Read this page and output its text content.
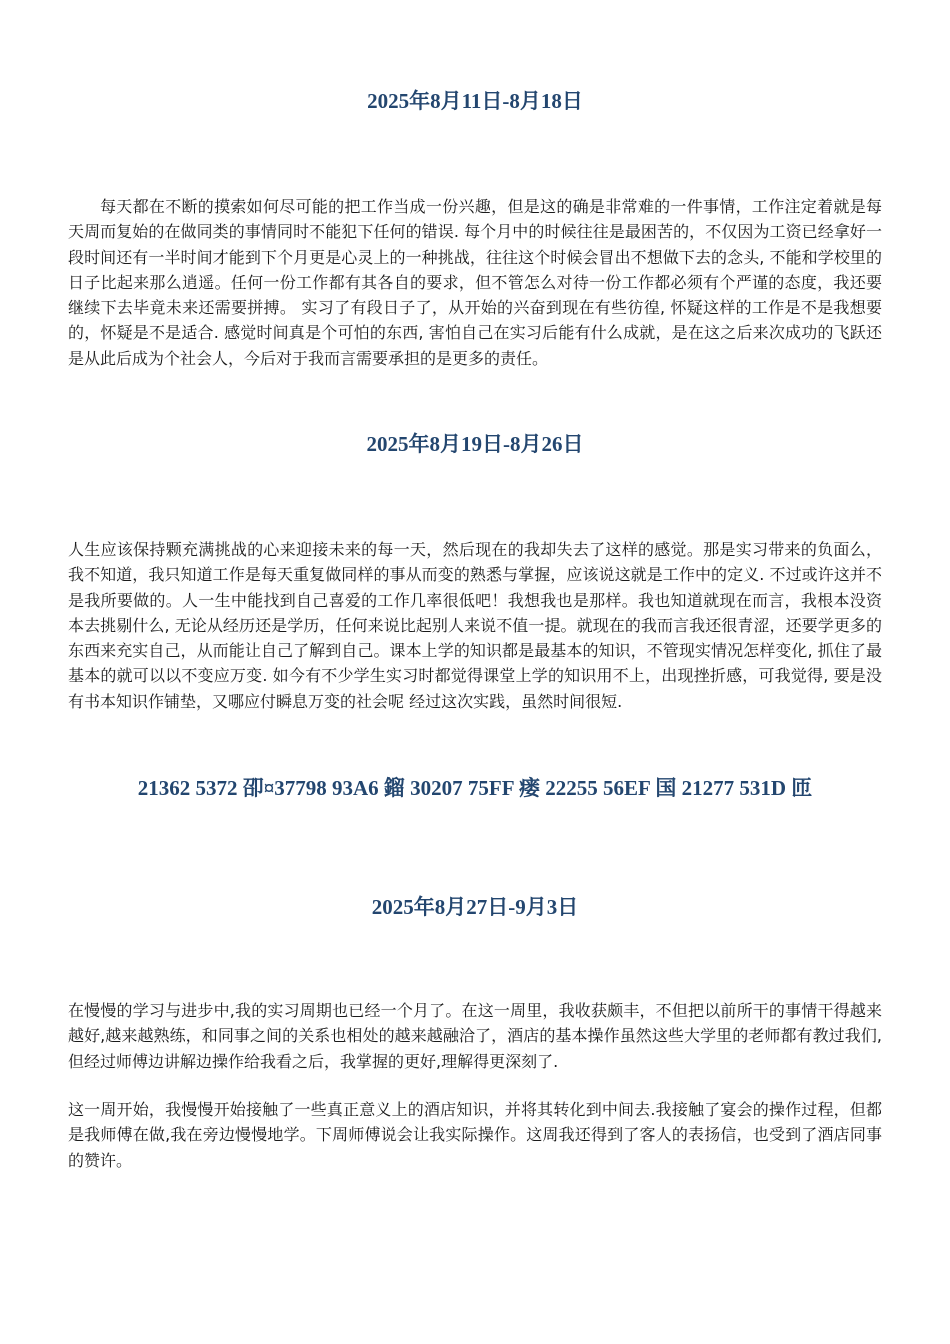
2025年8月11日-8月18日

每天都在不断的摸索如何尽可能的把工作当成一份兴趣，但是这的确是非常难的一件事情，工作注定着就是每天周而复始的在做同类的事情同时不能犯下任何的错误. 每个月中的时候往往是最困苦的，不仅因为工资已经拿好一段时间还有一半时间才能到下个月更是心灵上的一种挑战，往往这个时候会冒出不想做下去的念头, 不能和学校里的日子比起来那么逍遥。任何一份工作都有其各自的要求，但不管怎么对待一份工作都必须有个严谨的态度，我还要继续下去毕竟未来还需要拼搏。 实习了有段日子了，从开始的兴奋到现在有些彷徨, 怀疑这样的工作是不是我想要的，怀疑是不是适合. 感觉时间真是个可怕的东西, 害怕自己在实习后能有什么成就，是在这之后来次成功的飞跃还是从此后成为个社会人，今后对于我而言需要承担的是更多的责任。

2025年8月19日-8月26日

人生应该保持颗充满挑战的心来迎接未来的每一天，然后现在的我却失去了这样的感觉。那是实习带来的负面么，我不知道，我只知道工作是每天重复做同样的事从而变的熟悉与掌握，应该说这就是工作中的定义. 不过或许这并不是我所要做的。人一生中能找到自己喜爱的工作几率很低吧！我想我也是那样。我也知道就现在而言，我根本没资本去挑剔什么, 无论从经历还是学历，任何来说比起别人来说不值一提。就现在的我而言我还很青涩，还要学更多的东西来充实自己，从而能让自己了解到自己。课本上学的知识都是最基本的知识，不管现实情况怎样变化, 抓住了最基本的就可以以不变应万变. 如今有不少学生实习时都觉得课堂上学的知识用不上，出现挫折感，可我觉得, 要是没有书本知识作铺垫，又哪应付瞬息万变的社会呢 经过这次实践，虽然时间很短.

21362 5372 卲¤37798 93A6 鎦 30207 75FF 瘘 22255 56EF 国 21277 531D 匝
2025年8月27日-9月3日

在慢慢的学习与进步中,我的实习周期也已经一个月了。在这一周里，我收获颇丰，不但把以前所干的事情干得越来越好,越来越熟练，和同事之间的关系也相处的越来越融洽了，酒店的基本操作虽然这些大学里的老师都有教过我们,但经过师傅边讲解边操作给我看之后，我掌握的更好,理解得更深刻了.

这一周开始，我慢慢开始接触了一些真正意义上的酒店知识，并将其转化到中间去.我接触了宴会的操作过程，但都是我师傅在做,我在旁边慢慢地学。下周师傅说会让我实际操作。这周我还得到了客人的表扬信，也受到了酒店同事的赞许。
